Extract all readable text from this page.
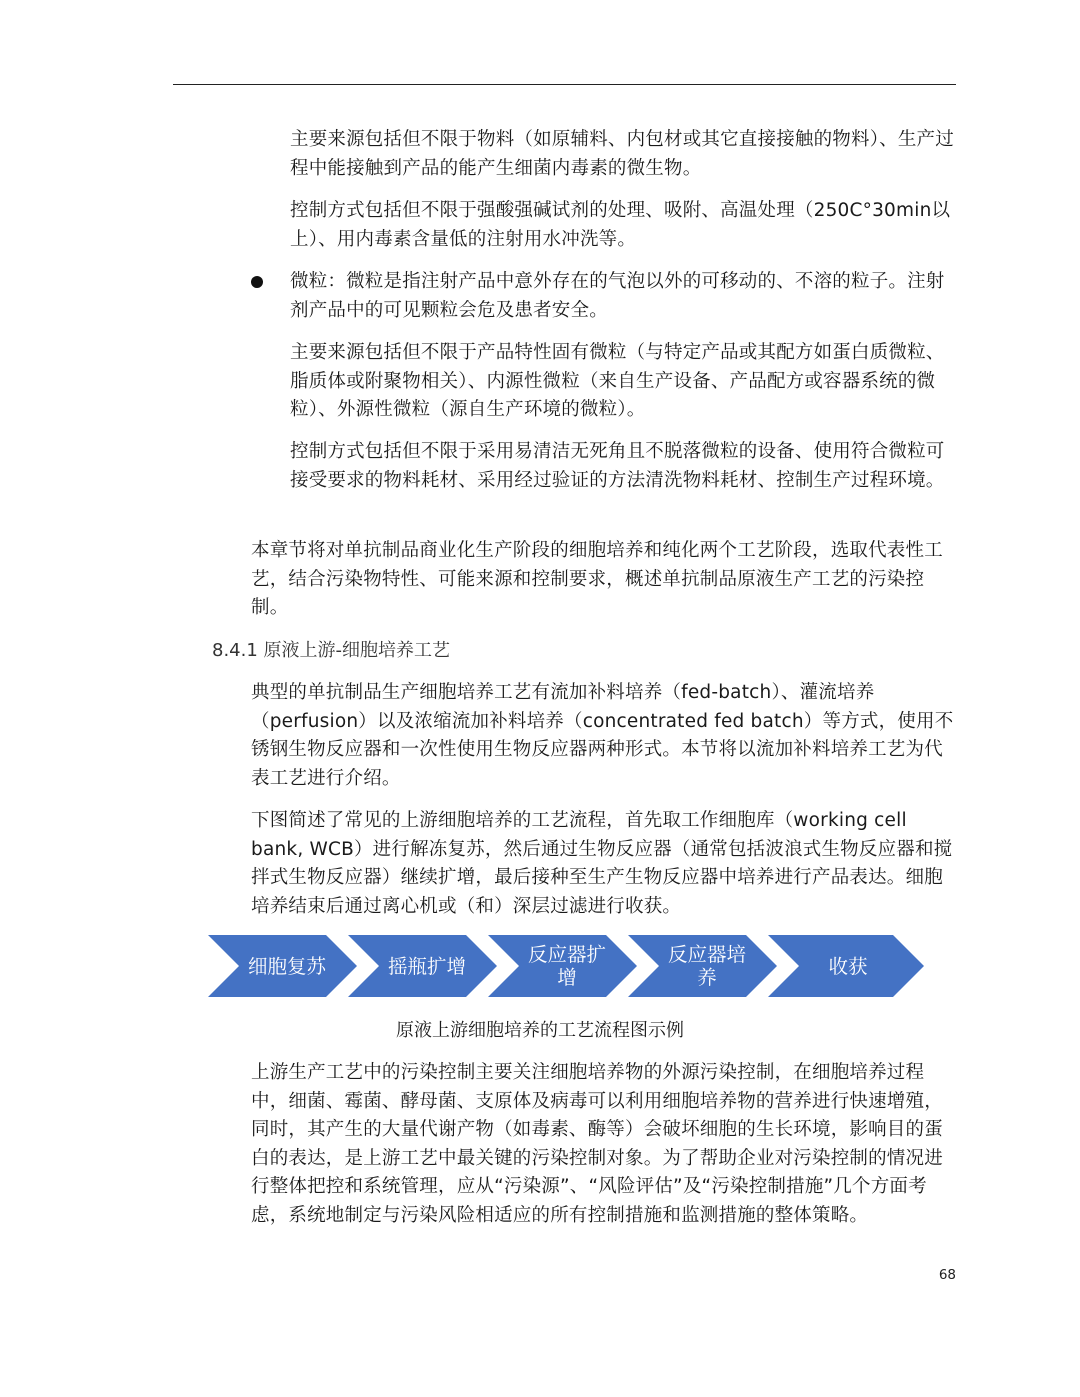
主要来源包括但不限于物料（如原辅料、内包材或其它直接接触的物料）、生产过程中能接触到产品的能产生细菌内毒素的微生物。

控制方式包括但不限于强酸强碱试剂的处理、吸附、高温处理（250C°30min以上）、用内毒素含量低的注射用水冲洗等。

微粒：微粒是指注射产品中意外存在的气泡以外的可移动的、不溶的粒子。注射剂产品中的可见颗粒会危及患者安全。

主要来源包括但不限于产品特性固有微粒（与特定产品或其配方如蛋白质微粒、脂质体或附聚物相关）、内源性微粒（来自生产设备、产品配方或容器系统的微粒）、外源性微粒（源自生产环境的微粒）。

控制方式包括但不限于采用易清洁无死角且不脱落微粒的设备、使用符合微粒可接受要求的物料耗材、采用经过验证的方法清洗物料耗材、控制生产过程环境。

本章节将对单抗制品商业化生产阶段的细胞培养和纯化两个工艺阶段，选取代表性工艺，结合污染物特性、可能来源和控制要求，概述单抗制品原液生产工艺的污染控制。

8.4.1 原液上游-细胞培养工艺

典型的单抗制品生产细胞培养工艺有流加补料培养（fed-batch）、灌流培养（perfusion）以及浓缩流加补料培养（concentrated fed batch）等方式，使用不锈钢生物反应器和一次性使用生物反应器两种形式。本节将以流加补料培养工艺为代表工艺进行介绍。

下图简述了常见的上游细胞培养的工艺流程，首先取工作细胞库（working cell bank, WCB）进行解冻复苏，然后通过生物反应器（通常包括波浪式生物反应器和搅拌式生物反应器）继续扩增，最后接种至生产生物反应器中培养进行产品表达。细胞培养结束后通过离心机或（和）深层过滤进行收获。

细胞复苏	摇瓶扩增	反应器扩
增
反应器培
养	收获

原液上游细胞培养的工艺流程图示例

上游生产工艺中的污染控制主要关注细胞培养物的外源污染控制，在细胞培养过程中，细菌、霉菌、酵母菌、支原体及病毒可以利用细胞培养物的营养进行快速增殖，同时，其产生的大量代谢产物（如毒素、酶等）会破坏细胞的生长环境，影响目的蛋白的表达，是上游工艺中最关键的污染控制对象。为了帮助企业对污染控制的情况进行整体把控和系统管理，应从“污染源”、“风险评估”及“污染控制措施”几个方面考虑，系统地制定与污染风险相适应的所有控制措施和监测措施的整体策略。

68
